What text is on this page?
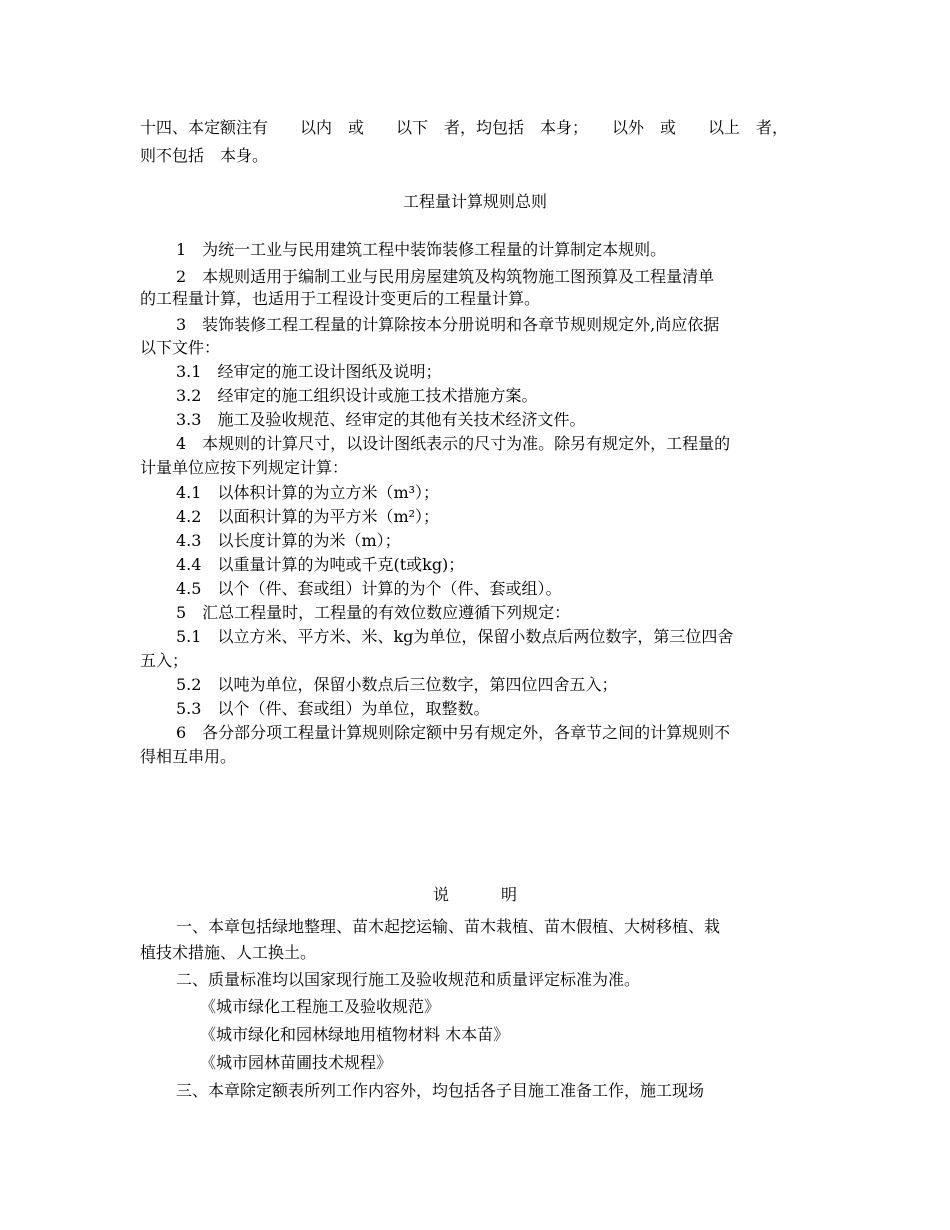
十四、本定额注有　　以内　或　　以下　者，均包括　本身；　　以外　或　　以上　者，
则不包括　本身。
工程量计算规则总则
1　为统一工业与民用建筑工程中装饰装修工程量的计算制定本规则。
2　本规则适用于编制工业与民用房屋建筑及构筑物施工图预算及工程量清单
的工程量计算，也适用于工程设计变更后的工程量计算。
3　装饰装修工程工程量的计算除按本分册说明和各章节规则规定外,尚应依据
以下文件：
3.1　经审定的施工设计图纸及说明；
3.2　经审定的施工组织设计或施工技术措施方案。
3.3　施工及验收规范、经审定的其他有关技术经济文件。
4　本规则的计算尺寸，以设计图纸表示的尺寸为准。除另有规定外，工程量的
计量单位应按下列规定计算：
4.1　以体积计算的为立方米（m³）；
4.2　以面积计算的为平方米（m²）；
4.3　以长度计算的为米（m）；
4.4　以重量计算的为吨或千克(t或kg)；
4.5　以个（件、套或组）计算的为个（件、套或组）。
5　汇总工程量时，工程量的有效位数应遵循下列规定：
5.1　以立方米、平方米、米、kg为单位，保留小数点后两位数字，第三位四舍
五入；
5.2　以吨为单位，保留小数点后三位数字，第四位四舍五入；
5.3　以个（件、套或组）为单位，取整数。
6　各分部分项工程量计算规则除定额中另有规定外，各章节之间的计算规则不
得相互串用。
说	明
一、本章包括绿地整理、苗木起挖运输、苗木栽植、苗木假植、大树移植、栽
植技术措施、人工换土。
二、质量标准均以国家现行施工及验收规范和质量评定标准为准。
《城市绿化工程施工及验收规范》
《城市绿化和园林绿地用植物材料 木本苗》
《城市园林苗圃技术规程》
三、本章除定额表所列工作内容外，均包括各子目施工准备工作，施工现场
